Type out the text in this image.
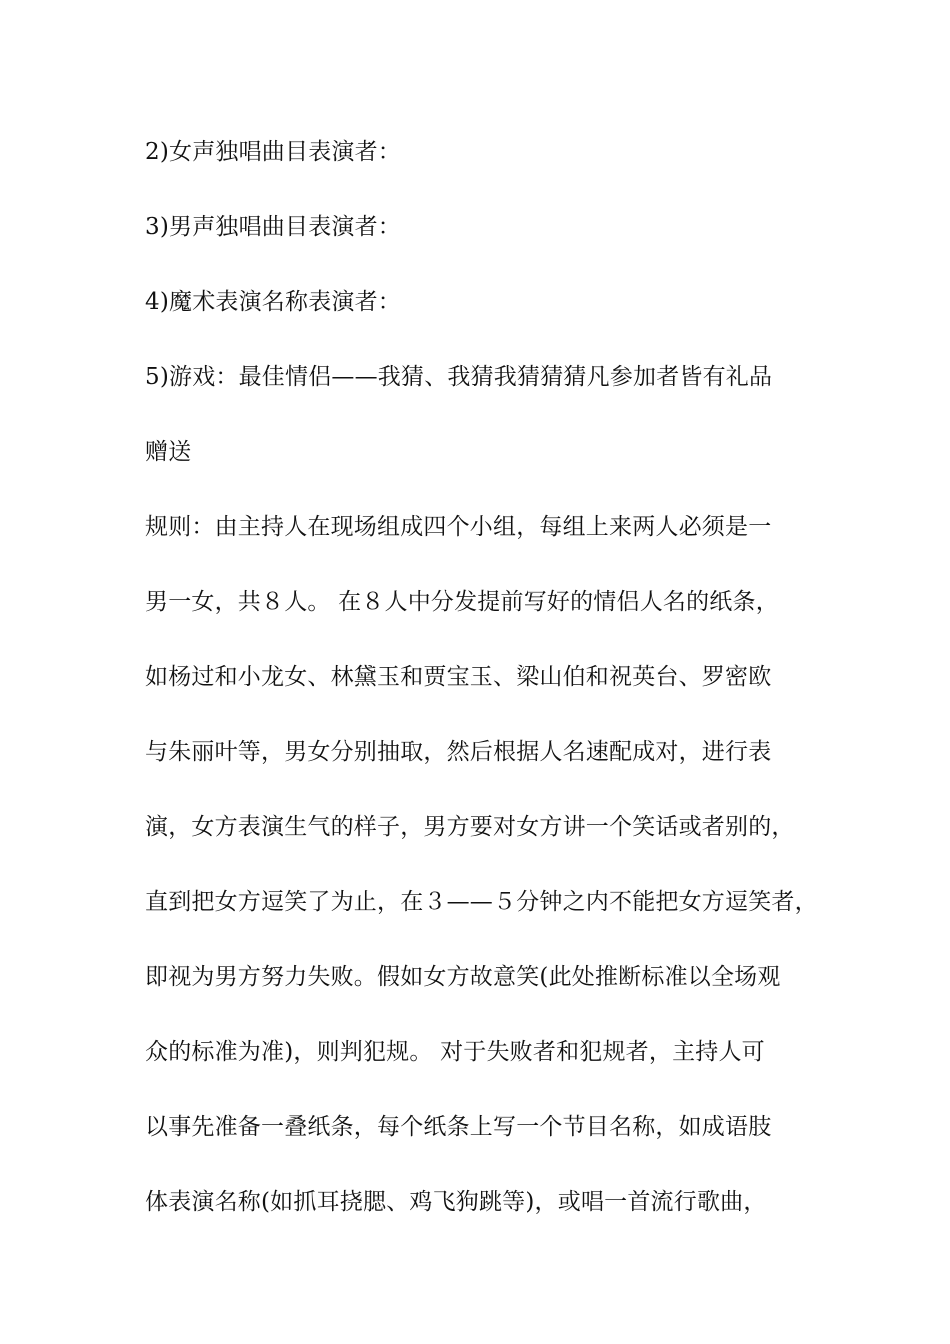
2)女声独唱曲目表演者：
3)男声独唱曲目表演者：
4)魔术表演名称表演者：
5)游戏：最佳情侣——我猜、我猜我猜猜猜凡参加者皆有礼品
赠送
规则：由主持人在现场组成四个小组，每组上来两人必须是一
男一女，共８人。 在８人中分发提前写好的情侣人名的纸条，
如杨过和小龙女、林黛玉和贾宝玉、梁山伯和祝英台、罗密欧
与朱丽叶等，男女分别抽取，然后根据人名速配成对，进行表
演，女方表演生气的样子，男方要对女方讲一个笑话或者别的，
直到把女方逗笑了为止，在３——５分钟之内不能把女方逗笑者，
即视为男方努力失败。假如女方故意笑(此处推断标准以全场观
众的标准为准)，则判犯规。 对于失败者和犯规者，主持人可
以事先准备一叠纸条，每个纸条上写一个节目名称，如成语肢
体表演名称(如抓耳挠腮、鸡飞狗跳等)，或唱一首流行歌曲，
